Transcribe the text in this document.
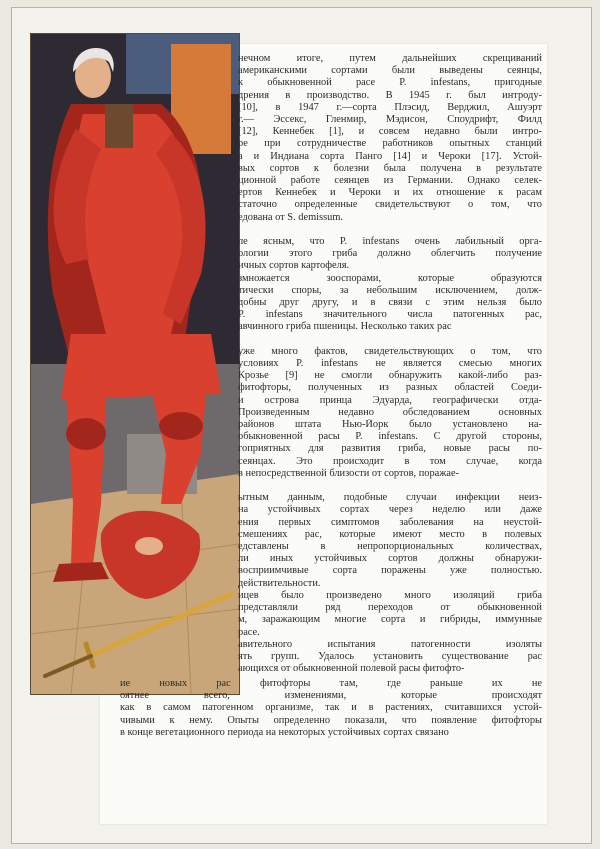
нечном итоге, путем дальнейших скрещиваний
американскими сортами были выведены сеянцы,
к обыкновенной расе P. infestans, пригодные
дрения в производство. В 1945 г. был интроду-
[10], в 1947 г.—сорта Плэсид, Верджил, Ашуэрт
г.— Эссекс, Гленмир, Мэдисон, Споудрифт, Филд
[12], Кеннебек [1], и совсем недавно были интро-
ре при сотрудничестве работников опытных станций
а и Индиана сорта Панго [14] и Чероки [17]. Устой-
вых сортов к болезни была получена в результате
ционной работе сеянцев из Германии. Однако селек-
ертов Кеннебек и Чероки и их отношение к расам
статочно определенные свидетельствуют о том, что
едована от S. demissum.
ле ясным, что P. infestans очень лабильный орга-
ологии этого гриба должно облегчить получение
ичных сортов картофеля.
змножается зооспорами, которые образуются
тически споры, за небольшим исключением, долж-
добны друг другу, и в связи с этим нельзя было
P. infestans значительного числа патогенных рас,
авчинного гриба пшеницы. Несколько таких рас
уже много фактов, свидетельствующих о том, что
условиях P. infestans не является смесью многих
Крозье [9] не смогли обнаружить какой-либо раз-
фитофторы, полученных из разных областей Соеди-
и острова принца Эдуарда, географически отда-
Произведенным недавно обследованием основных
районов штата Нью-Йорк было установлено на-
обыкновенной расы P. infestans. С другой стороны,
гоприятных для развития гриба, новые расы по-
сеянцах. Это происходит в том случае, когда
в непосредственной близости от сортов, поражае-
ытным данным, подобные случаи инфекции неиз-
на устойчивых сортах через неделю или даже
ения первых симптомов заболевания на неустой-
смешениях рас, которые имеют место в полевых
едставлены в непропорциональных количествах,
ли иных устойчивых сортов должны обнаружи-
восприимчивые сорта поражены уже полностью.
действительности.
ицев было произведено много изоляций гриба
представляли ряд переходов от обыкновенной
м, заражающим многие сорта и гибриды, иммунные
расе.
авительного испытания патогенности изоляты
ять групп. Удалось установить существование рас
ающихся от обыкновенной полевой расы фитофто-
ие новых рас фитофторы там, где раньше их не
оятнее всего, изменениями, которые происходят
как в самом патогенном организме, так и в растениях, считавшихся устой-
чивыми к нему. Опыты определенно показали, что появление фитофторы
в конце вегетационного периода на некоторых устойчивых сортах связано
